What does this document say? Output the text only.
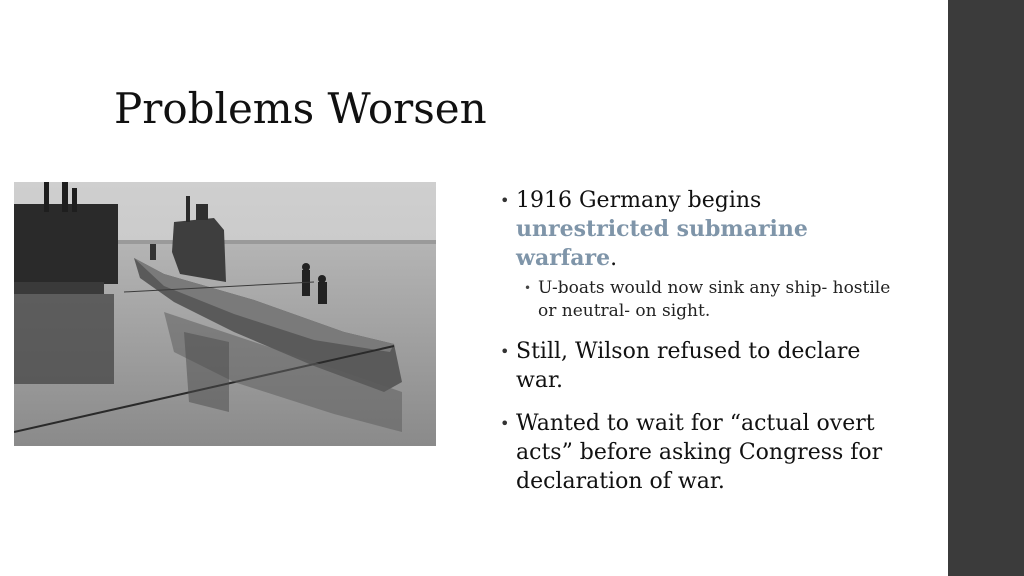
Problems Worsen
• 1916 Germany begins unrestricted submarine warfare.
• U-boats would now sink any ship- hostile or neutral- on sight.
• Still, Wilson refused to declare war.
• Wanted to wait for “actual overt acts” before asking Congress for declaration of war.
